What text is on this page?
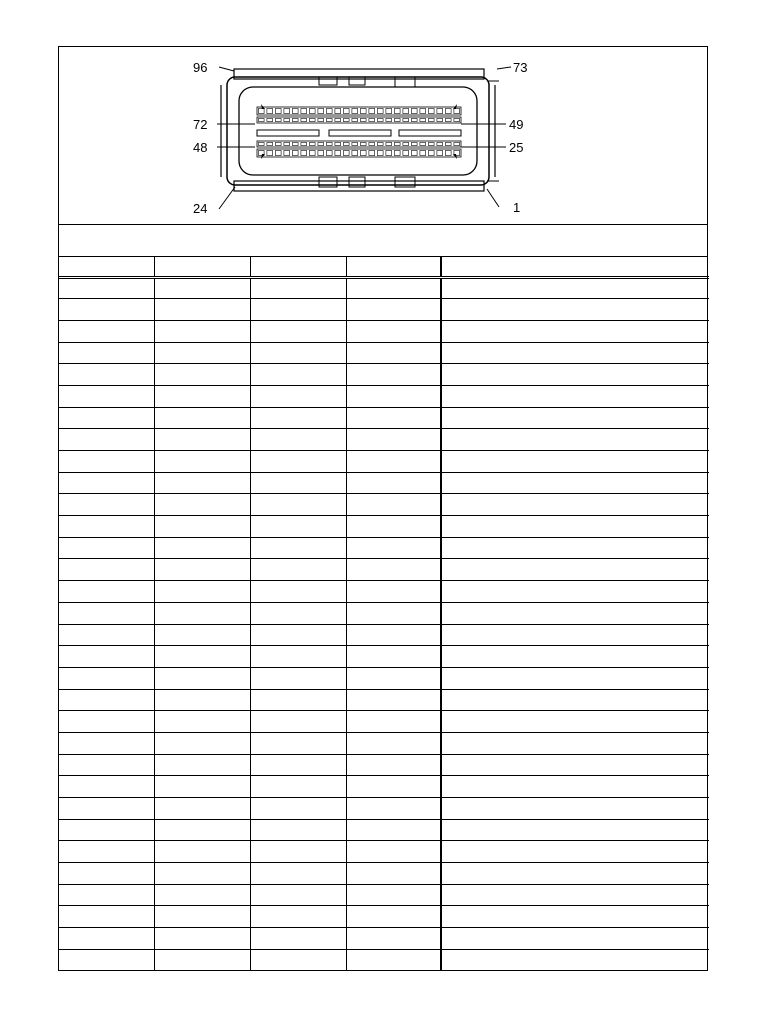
96	73
72	49
48	25
24	1
